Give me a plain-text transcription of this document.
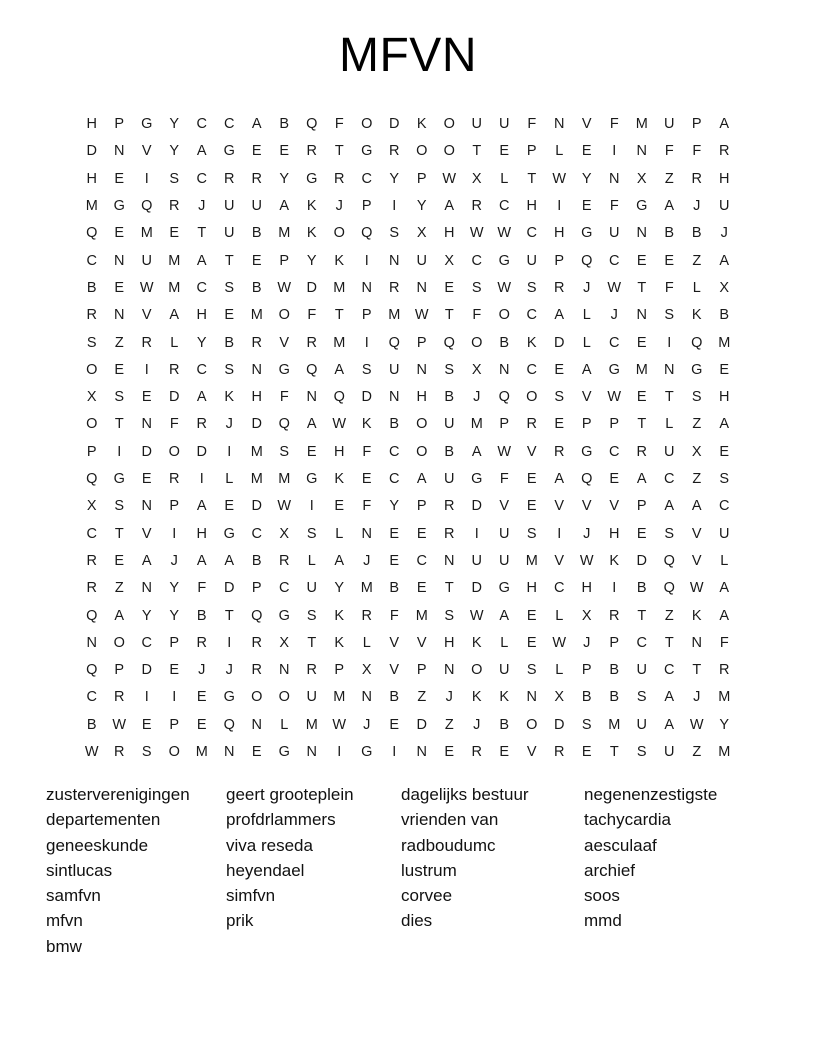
MFVN
H	P	G	Y	C	C	A	B	Q	F	O	D	K	O	U	U	F	N	V	F	M	U	P	A
D	N	V	Y	A	G	E	E	R	T	G	R	O	O	T	E	P	L	E	I	N	F	F	R
H	E	I	S	C	R	R	Y	G	R	C	Y	P	W	X	L	T	W	Y	N	X	Z	R	H
M	G	Q	R	J	U	U	A	K	J	P	I	Y	A	R	C	H	I	E	F	G	A	J	U
Q	E	M	E	T	U	B	M	K	O	Q	S	X	H	W	W	C	H	G	U	N	B	B	J
C	N	U	M	A	T	E	P	Y	K	I	N	U	X	C	G	U	P	Q	C	E	E	Z	A
B	E	W	M	C	S	B	W	D	M	N	R	N	E	S	W	S	R	J	W	T	F	L	X
R	N	V	A	H	E	M	O	F	T	P	M	W	T	F	O	C	A	L	J	N	S	K	B
S	Z	R	L	Y	B	R	V	R	M	I	Q	P	Q	O	B	K	D	L	C	E	I	Q	M
O	E	I	R	C	S	N	G	Q	A	S	U	N	S	X	N	C	E	A	G	M	N	G	E
X	S	E	D	A	K	H	F	N	Q	D	N	H	B	J	Q	O	S	V	W	E	T	S	H
O	T	N	F	R	J	D	Q	A	W	K	B	O	U	M	P	R	E	P	P	T	L	Z	A
P	I	D	O	D	I	M	S	E	H	F	C	O	B	A	W	V	R	G	C	R	U	X	E
Q	G	E	R	I	L	M	M	G	K	E	C	A	U	G	F	E	A	Q	E	A	C	Z	S
X	S	N	P	A	E	D	W	I	E	F	Y	P	R	D	V	E	V	V	V	P	A	A	C
C	T	V	I	H	G	C	X	S	L	N	E	E	R	I	U	S	I	J	H	E	S	V	U
R	E	A	J	A	A	B	R	L	A	J	E	C	N	U	U	M	V	W	K	D	Q	V	L
R	Z	N	Y	F	D	P	C	U	Y	M	B	E	T	D	G	H	C	H	I	B	Q	W	A
Q	A	Y	Y	B	T	Q	G	S	K	R	F	M	S	W	A	E	L	X	R	T	Z	K	A
N	O	C	P	R	I	R	X	T	K	L	V	V	H	K	L	E	W	J	P	C	T	N	F
Q	P	D	E	J	J	R	N	R	P	X	V	P	N	O	U	S	L	P	B	U	C	T	R
C	R	I	I	E	G	O	O	U	M	N	B	Z	J	K	K	N	X	B	B	S	A	J	M
B	W	E	P	E	Q	N	L	M	W	J	E	D	Z	J	B	O	D	S	M	U	A	W	Y
W	R	S	O	M	N	E	G	N	I	G	I	N	E	R	E	V	R	E	T	S	U	Z	M
zusterverenigingen
departementen
geneeskunde
sintlucas
samfvn
mfvn
bmw
geert grooteplein
profdrlammers
viva reseda
heyendael
simfvn
prik
dagelijks bestuur
vrienden van
radboudumc
lustrum
corvee
dies
negenenzestigste
tachycardia
aesculaaf
archief
soos
mmd
